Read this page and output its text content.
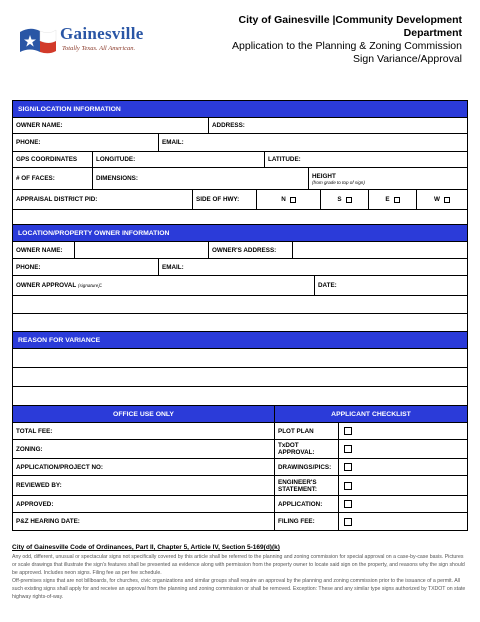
Gainesville
Totally Texas. All American.
City of Gainesville |Community Development
Department
Application to the Planning & Zoning Commission
Sign Variance/Approval
SIGN/LOCATION INFORMATION
OWNER NAME:	ADDRESS:
PHONE:	EMAIL:
GPS COORDINATES	LONGITUDE:	LATITUDE:
# OF FACES:	DIMENSIONS:	HEIGHT
(from grade to top of sign)
APPRAISAL DISTRICT PID:	SIDE OF HWY:	N	S	E	W
LOCATION/PROPERTY OWNER INFORMATION
OWNER NAME:	OWNER'S ADDRESS:
PHONE:	EMAIL:
OWNER APPROVAL
(signature) :	DATE:
REASON FOR VARIANCE
OFFICE USE ONLY	APPLICANT CHECKLIST
TOTAL FEE:	PLOT PLAN
ZONING:	TxDOT APPROVAL:
APPLICATION/PROJECT NO:	DRAWINGS/PICS:
REVIEWED BY:	ENGINEER'S STATEMENT:
APPROVED:	APPLICATION:
P&Z HEARING DATE:	FILING FEE:
City of Gainesville Code of Ordinances, Part II, Chapter 5, Article IV, Section 5-169(d)(k)
Any odd, different, unusual or spectacular signs not specifically covered by this article shall be referred to the planning and zoning commission for special approval on a case-by-case basis. Pictures or scale drawings that illustrate the sign's features shall be presented as evidence along with permission from the property owner to locate said sign on the property, and reasons why the sign should be approved. Includes neon signs. Filing fee as per fee schedule.
Off-premises signs that are not billboards, for churches, civic organizations and similar groups shall require an approval by the planning and zoning commission prior to the issuance of a permit. All such existing signs shall apply for and receive an approval from the planning and zoning commission or shall be removed. Exception: These and any similar type signs authorized by TXDOT on state highway rights-of-way.
